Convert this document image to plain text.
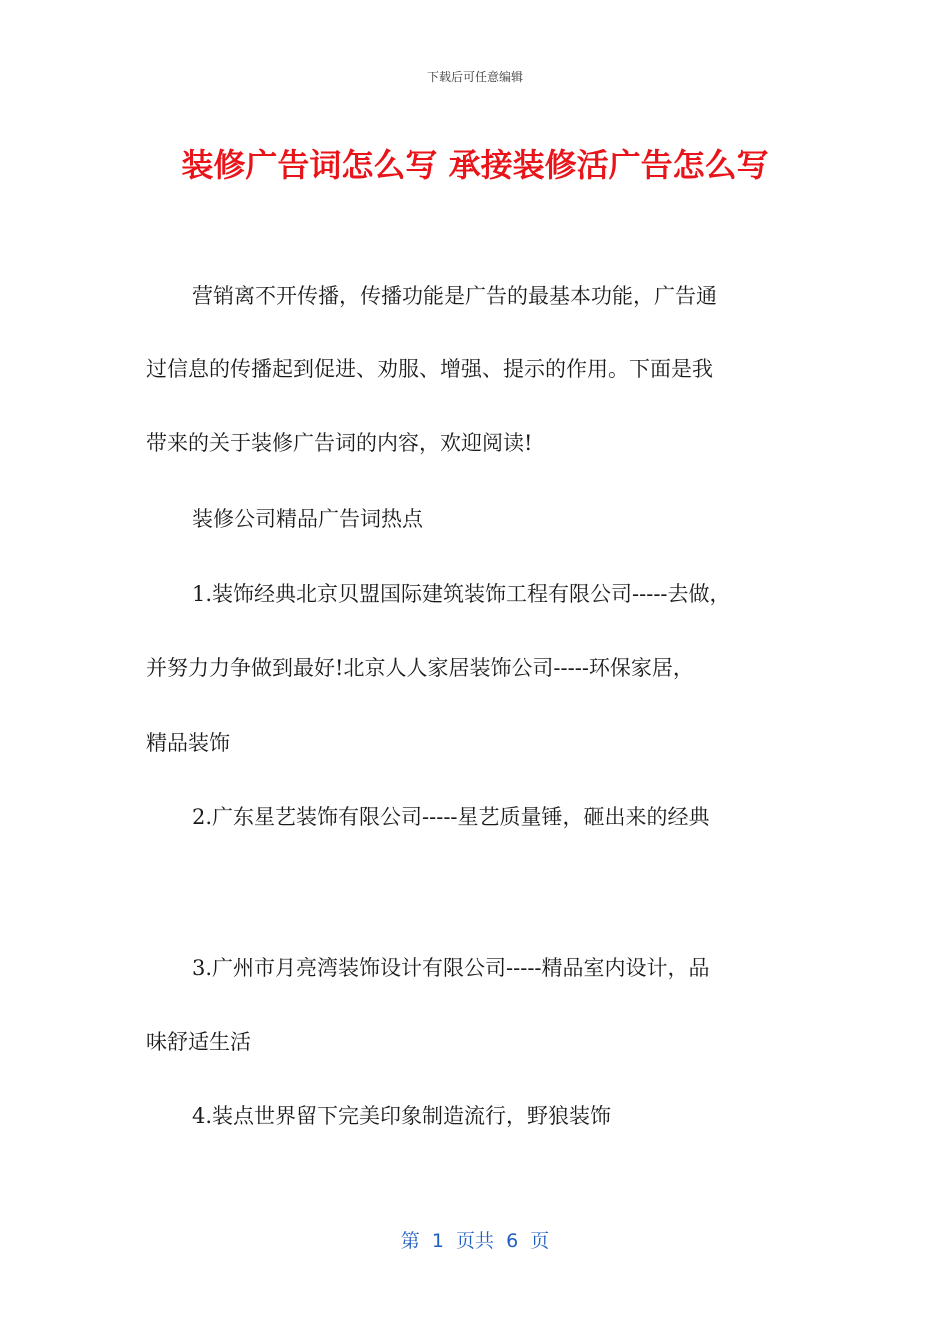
下载后可任意编辑
装修广告词怎么写 承接装修活广告怎么写
营销离不开传播，传播功能是广告的最基本功能，广告通
过信息的传播起到促进、劝服、增强、提示的作用。下面是我
带来的关于装修广告词的内容，欢迎阅读!
装修公司精品广告词热点
1.装饰经典北京贝盟国际建筑装饰工程有限公司-----去做，
并努力力争做到最好!北京人人家居装饰公司-----环保家居，
精品装饰
2.广东星艺装饰有限公司-----星艺质量锤，砸出来的经典
3.广州市月亮湾装饰设计有限公司-----精品室内设计，品
味舒适生活
4.装点世界留下完美印象制造流行，野狼装饰
第  1  页共  6  页
